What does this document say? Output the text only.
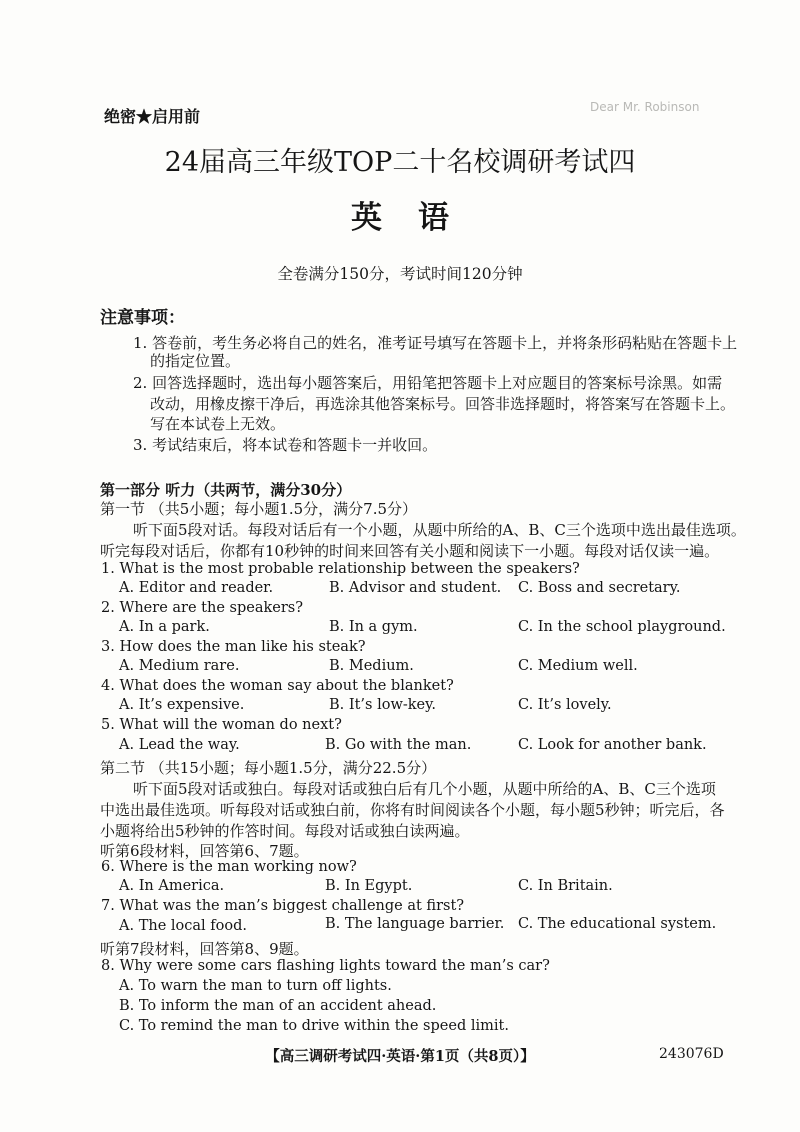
Dear Mr. Robinson
绝密★启用前
24届高三年级TOP二十名校调研考试四
英语
全卷满分150分，考试时间120分钟
注意事项：
1. 答卷前，考生务必将自己的姓名，准考证号填写在答题卡上，并将条形码粘贴在答题卡上
的指定位置。
2. 回答选择题时，选出每小题答案后，用铅笔把答题卡上对应题目的答案标号涂黑。如需
改动，用橡皮擦干净后，再选涂其他答案标号。回答非选择题时，将答案写在答题卡上。
写在本试卷上无效。
3. 考试结束后，将本试卷和答题卡一并收回。
第一部分 听力（共两节，满分30分）
第一节 （共5小题；每小题1.5分，满分7.5分）
听下面5段对话。每段对话后有一个小题，从题中所给的A、B、C三个选项中选出最佳选项。
听完每段对话后，你都有10秒钟的时间来回答有关小题和阅读下一小题。每段对话仅读一遍。
1. What is the most probable relationship between the speakers?
A. Editor and reader.	B. Advisor and student. C. Boss and secretary.
2. Where are the speakers?
A. In a park.	B. In a gym.	C. In the school playground.
3. How does the man like his steak?
A. Medium rare.	B. Medium.	C. Medium well.
4. What does the woman say about the blanket?
A. It’s expensive.	B. It’s low-key.	C. It’s lovely.
5. What will the woman do next?
A. Lead the way.	B. Go with the man.	C. Look for another bank.
第二节 （共15小题；每小题1.5分，满分22.5分）
听下面5段对话或独白。每段对话或独白后有几个小题，从题中所给的A、B、C三个选项
中选出最佳选项。听每段对话或独白前，你将有时间阅读各个小题，每小题5秒钟；听完后，各
小题将给出5秒钟的作答时间。每段对话或独白读两遍。
听第6段材料，回答第6、7题。
6. Where is the man working now?
A. In America.	B. In Egypt.	C. In Britain.
7. What was the man’s biggest challenge at first?
A. The local food.	B. The language barrier. C. The educational system.
听第7段材料，回答第8、9题。
8. Why were some cars flashing lights toward the man’s car?
A. To warn the man to turn off lights.
B. To inform the man of an accident ahead.
C. To remind the man to drive within the speed limit.
【高三调研考试四·英语·第1页（共8页）】	243076D
